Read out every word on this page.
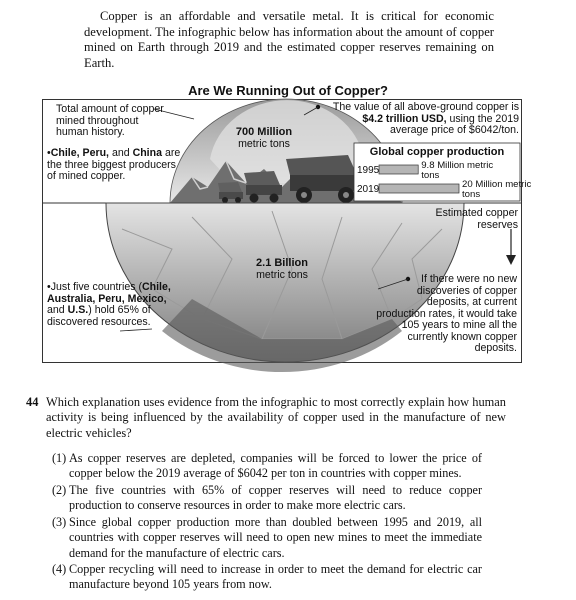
Copper is an affordable and versatile metal. It is critical for economic development. The infographic below has information about the amount of copper mined on Earth through 2019 and the estimated copper reserves remaining on Earth.

Are We Running Out of Copper?

Global copper production
1995	9.8 Million metric tons
2019	20 Million metric tons

Total amount of copper mined throughout human history.	700 Million
metric tons

The value of all above-ground copper is $4.2 trillion USD, using the 2019 average price of $6042/ton.

•Chile, Peru, and China are the three biggest producers of mined copper.

2.1 Billion
metric tons

Estimated copper reserves

•Just five countries (Chile, Australia, Peru, Mexico, and U.S.) hold 65% of discovered resources.

If there were no new discoveries of copper deposits, at current production rates, it would take 105 years to mine all the currently known copper deposits.

44 Which explanation uses evidence from the infographic to most correctly explain how human activity is being influenced by the availability of copper used in the manufacture of new electric vehicles?
(1) As copper reserves are depleted, companies will be forced to lower the price of copper below the 2019 average of $6042 per ton in countries with copper mines.
(2) The five countries with 65% of copper reserves will need to reduce copper production to conserve resources in order to make more electric cars.
(3) Since global copper production more than doubled between 1995 and 2019, all countries with copper reserves will need to open new mines to meet the immediate demand for the manufacture of electric cars.
(4) Copper recycling will need to increase in order to meet the demand for electric car manufacture beyond 105 years from now.
